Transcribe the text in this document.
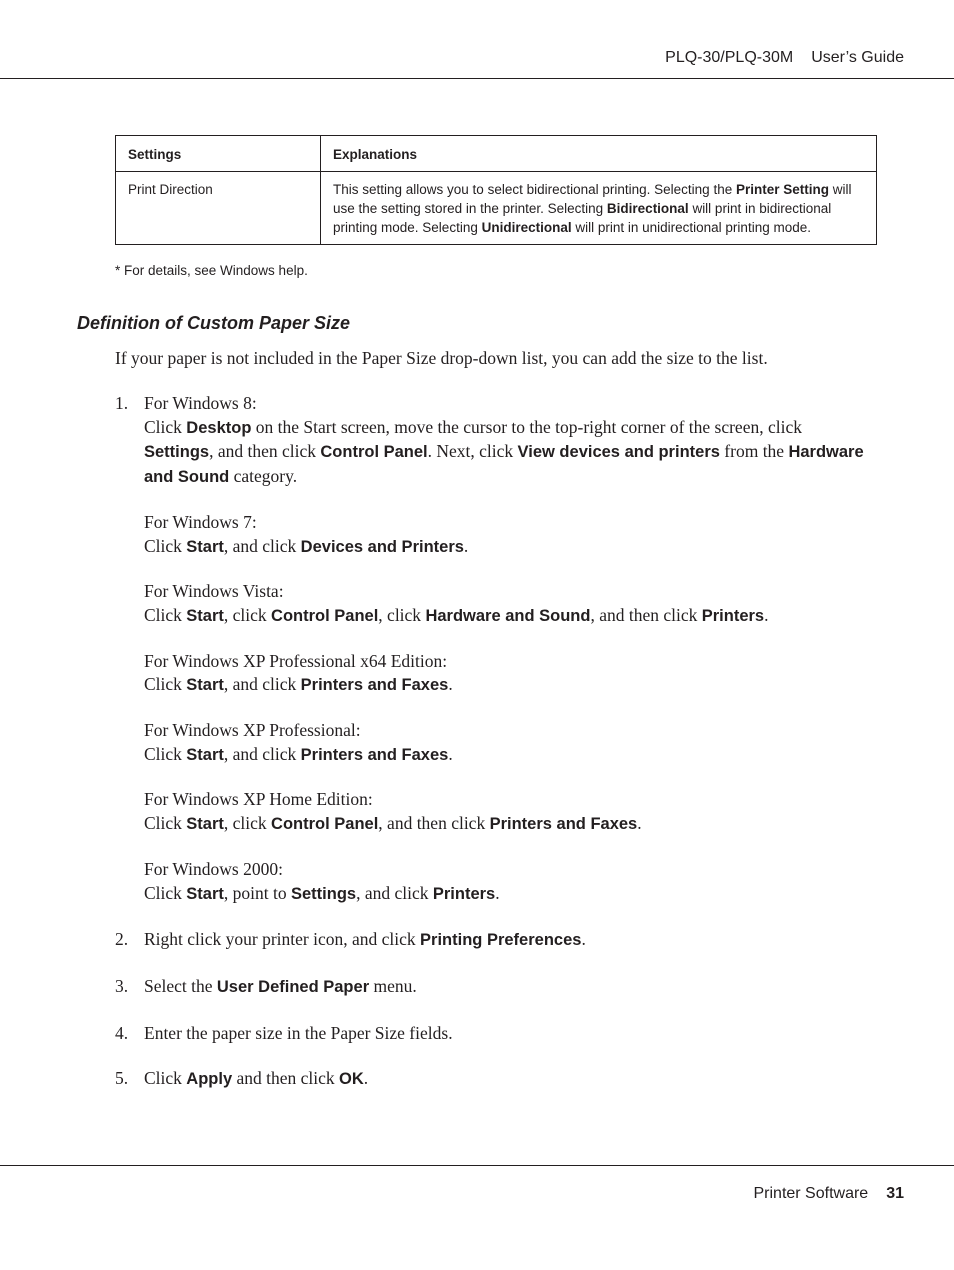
PLQ-30/PLQ-30M User’s Guide
Settings	Explanations
Print Direction	This setting allows you to select bidirectional printing. Selecting the Printer Setting will use the setting stored in the printer. Selecting Bidirectional will print in bidirectional printing mode. Selecting Unidirectional will print in unidirectional printing mode.
* For details, see Windows help.
Definition of Custom Paper Size
If your paper is not included in the Paper Size drop-down list, you can add the size to the list.
1. For Windows 8:
Click Desktop on the Start screen, move the cursor to the top-right corner of the screen, click Settings, and then click Control Panel. Next, click View devices and printers from the Hardware and Sound category.
For Windows 7:
Click Start, and click Devices and Printers.
For Windows Vista:
Click Start, click Control Panel, click Hardware and Sound, and then click Printers.
For Windows XP Professional x64 Edition:
Click Start, and click Printers and Faxes.
For Windows XP Professional:
Click Start, and click Printers and Faxes.
For Windows XP Home Edition:
Click Start, click Control Panel, and then click Printers and Faxes.
For Windows 2000:
Click Start, point to Settings, and click Printers.
2. Right click your printer icon, and click Printing Preferences.
3. Select the User Defined Paper menu.
4. Enter the paper size in the Paper Size fields.
5. Click Apply and then click OK.
Printer Software 31
